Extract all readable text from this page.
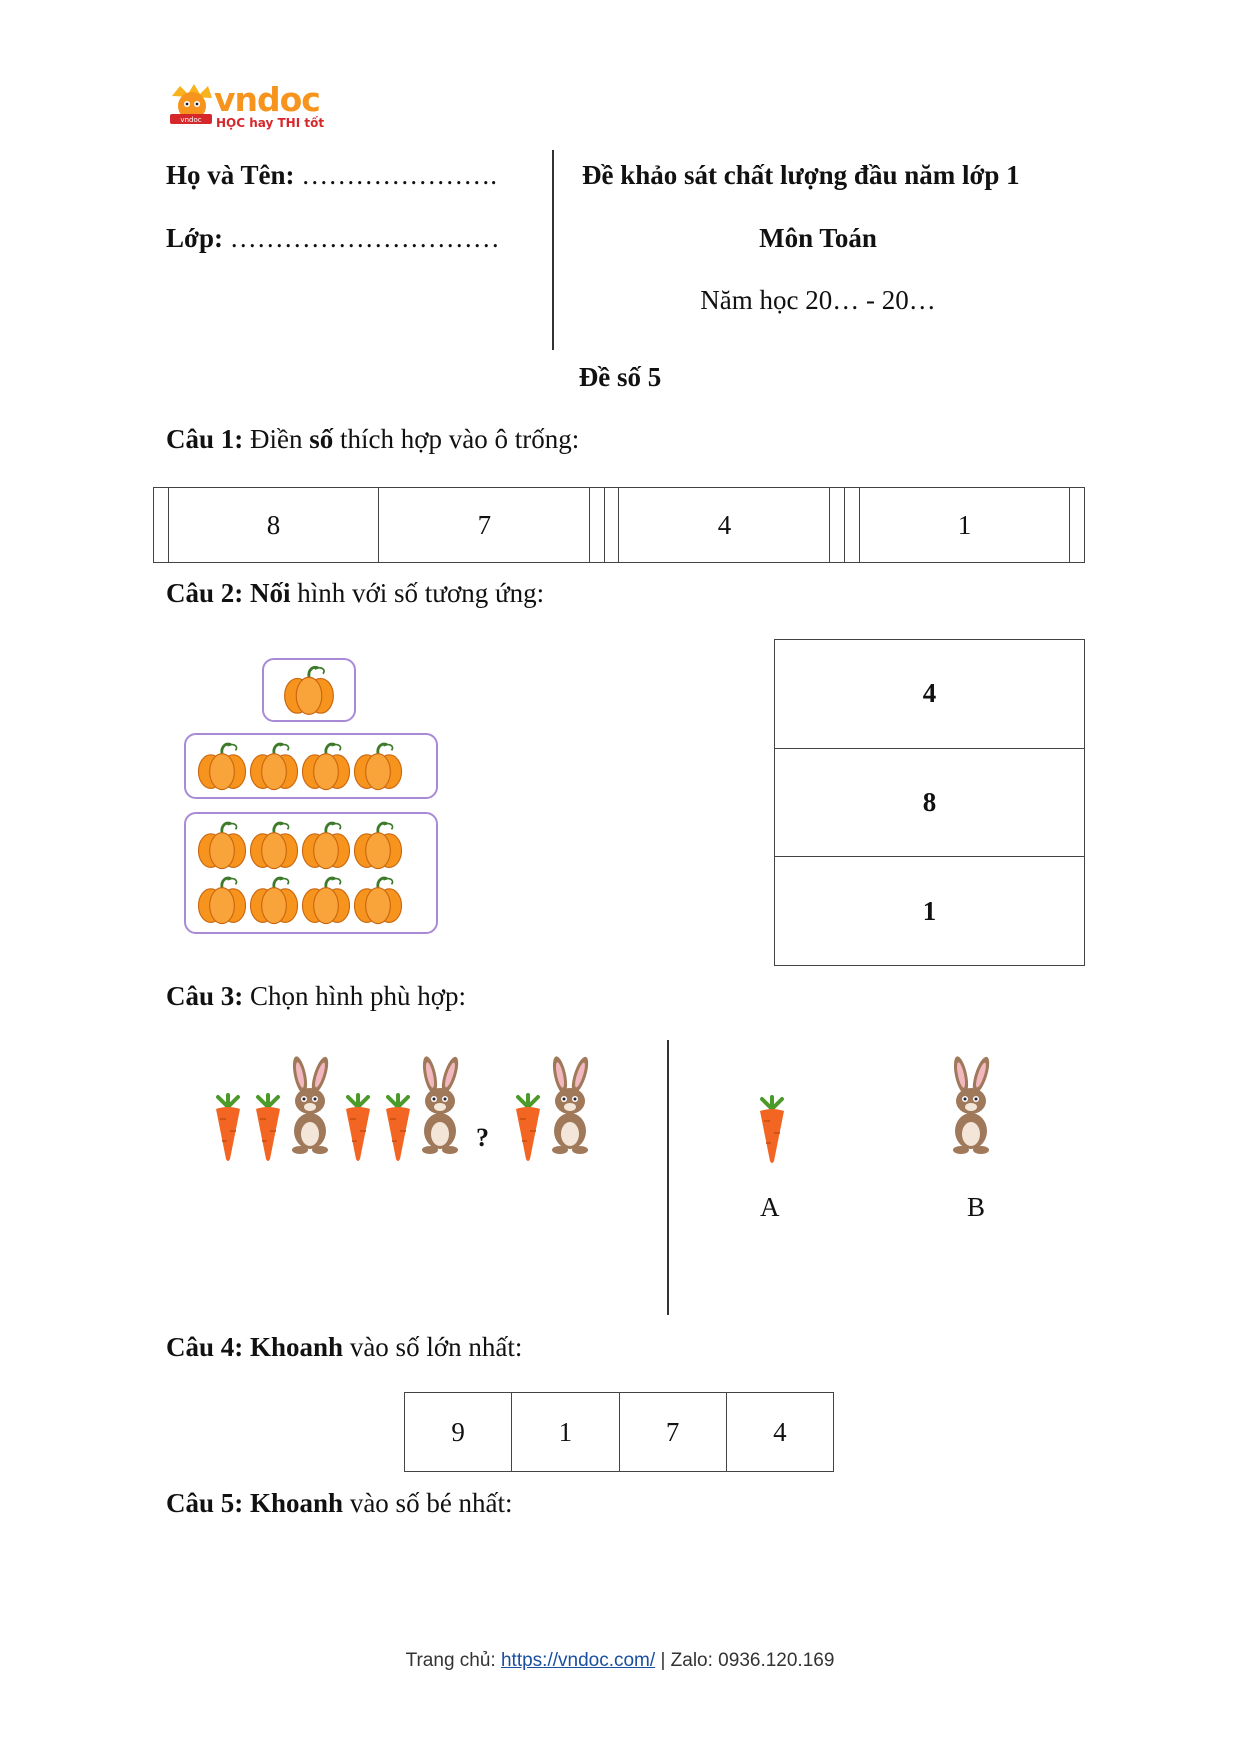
vndoc
vndoc
HỌC hay THI tốt
Họ và Tên: ………………….
Lớp: …………………………
Đề khảo sát chất lượng đầu năm lớp 1
Môn Toán
Năm học 20… - 20…
Đề số 5
Câu 1: Điền số thích hợp vào ô trống:
	8	7			4			1	
Câu 2: Nối hình với số tương ứng:
4
8
1
Câu 3: Chọn hình phù hợp:
?
A	B
Câu 4: Khoanh vào số lớn nhất:
9	1	7	4
Câu 5: Khoanh vào số bé nhất:
Trang chủ: https://vndoc.com/ | Zalo: 0936.120.169
